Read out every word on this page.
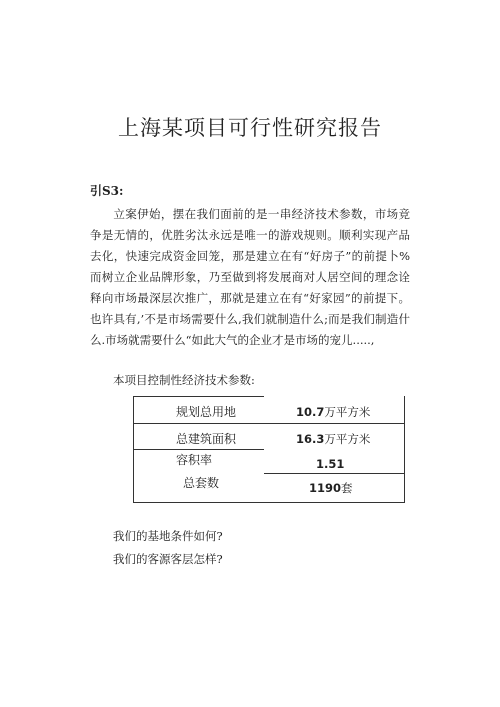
上海某项目可行性研究报告
引S3:
立案伊始，摆在我们面前的是一串经济技术参数，市场竞争是无情的，优胜劣汰永远是唯一的游戏规则。顺利实现产品去化，快速完成资金回笼，那是建立在有“好房子”的前提卜%而树立企业品牌形象，乃至做到将发展商对人居空间的理念诠释向市场最深层次推广，那就是建立在有“好家园”的前提下。也许具有,’不是市场需要什么,我们就制造什么;而是我们制造什么.市场就需要什么“如此大气的企业才是市场的宠儿.....,
本项目控制性经济技术参数:
规划总用地	10.7万平方米
总建筑面积	16.3万平方米
容积率	1.51
总套数	1190套
我们的基地条件如何?
我们的客源客层怎样?
